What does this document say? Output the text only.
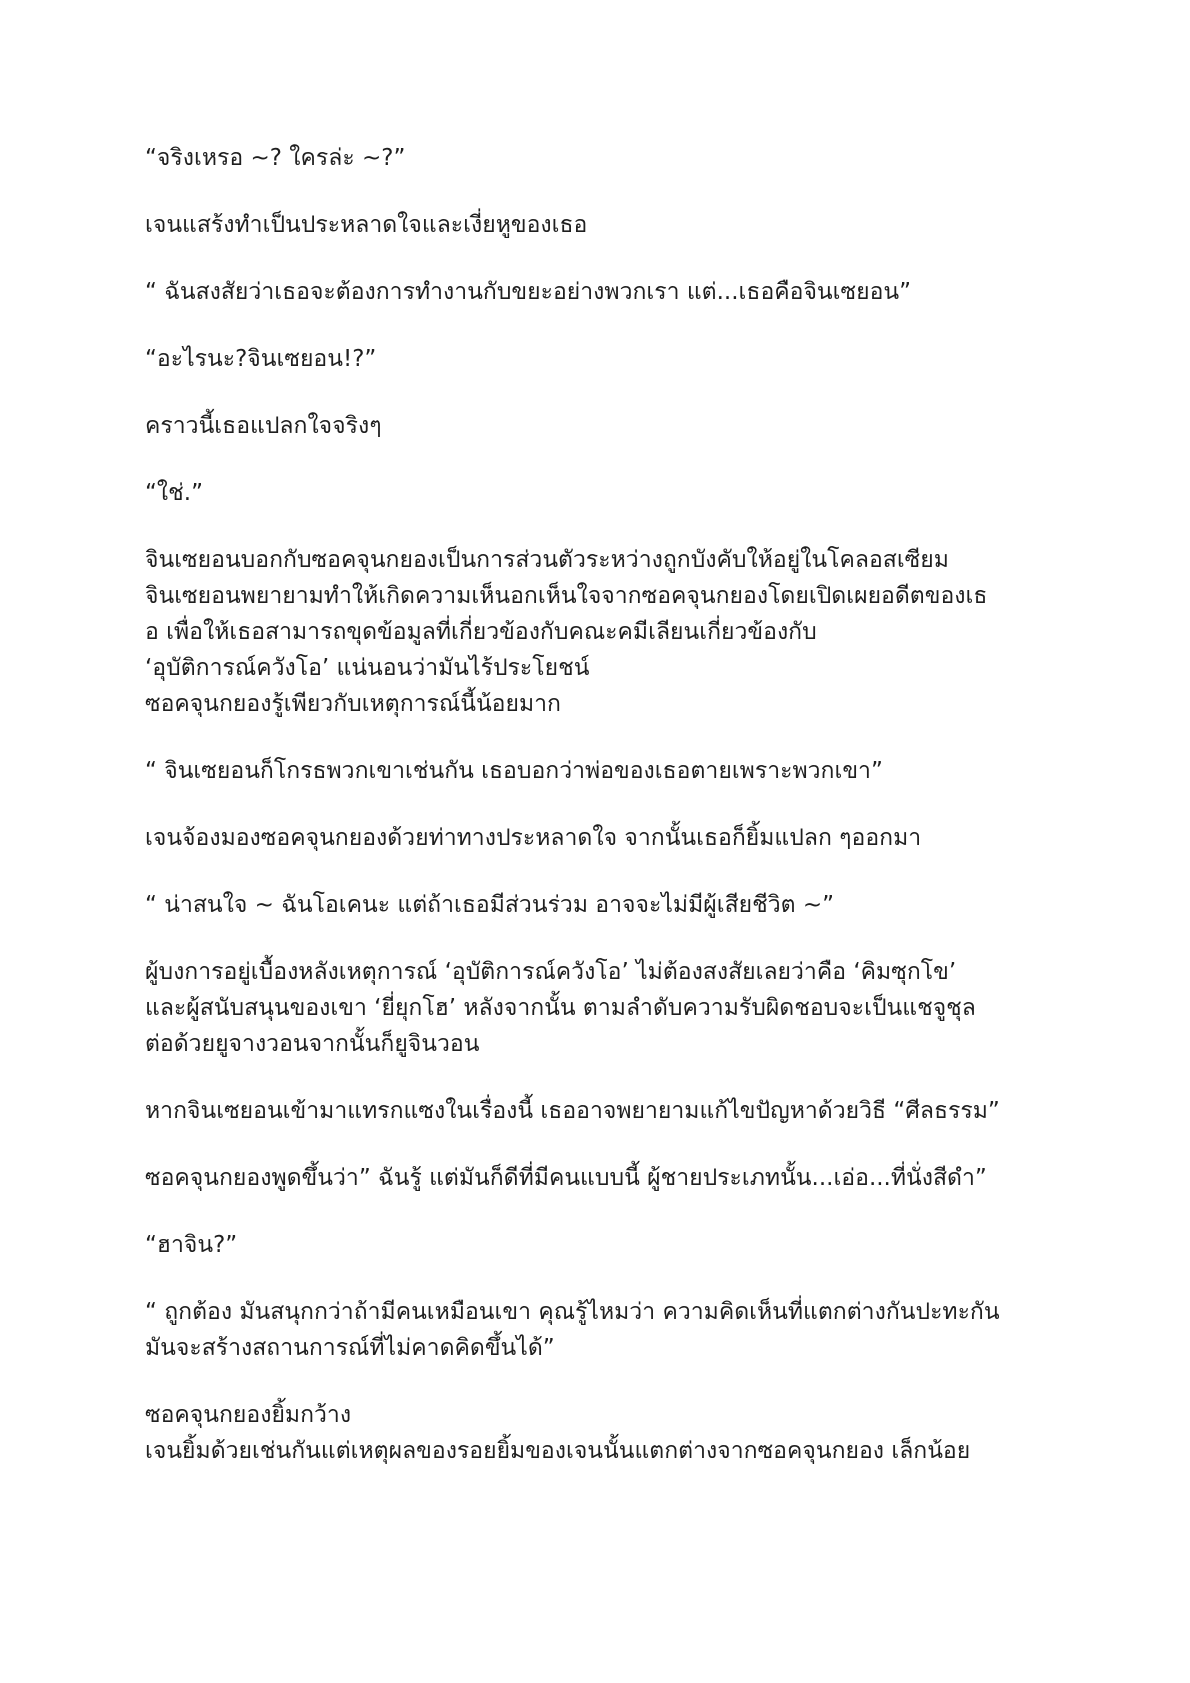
“จริงเหรอ ~? ใครล่ะ ~?”

เจนแสร้งทำเป็นประหลาดใจและเงี่ยหูของเธอ

“ ฉันสงสัยว่าเธอจะต้องการทำงานกับขยะอย่างพวกเรา แต่...เธอคือจินเซยอน”

“อะไรนะ?จินเซยอน!?”

คราวนี้เธอแปลกใจจริงๆ

“ใช่.”

จินเซยอนบอกกับซอคจุนกยองเป็นการส่วนตัวระหว่างถูกบังคับให้อยู่ในโคลอสเซียม
จินเซยอนพยายามทำให้เกิดความเห็นอกเห็นใจจากซอคจุนกยองโดยเปิดเผยอดีตของเธ
อ เพื่อให้เธอสามารถขุดข้อมูลที่เกี่ยวข้องกับคณะคมีเลียนเกี่ยวข้องกับ
‘อุบัติการณ์ควังโอ’ แน่นอนว่ามันไร้ประโยชน์
ซอคจุนกยองรู้เพียวกับเหตุการณ์นี้น้อยมาก

“ จินเซยอนก็โกรธพวกเขาเช่นกัน เธอบอกว่าพ่อของเธอตายเพราะพวกเขา”

เจนจ้องมองซอคจุนกยองด้วยท่าทางประหลาดใจ จากนั้นเธอก็ยิ้มแปลก ๆออกมา

“ น่าสนใจ ~ ฉันโอเคนะ แต่ถ้าเธอมีส่วนร่วม อาจจะไม่มีผู้เสียชีวิต ~”

ผู้บงการอยู่เบื้องหลังเหตุการณ์ ‘อุบัติการณ์ควังโอ’ ไม่ต้องสงสัยเลยว่าคือ ‘คิมซุกโข’
และผู้สนับสนุนของเขา ‘ยี่ยุกโฮ’ หลังจากนั้น ตามลำดับความรับผิดชอบจะเป็นแชจูชุล
ต่อด้วยยูจางวอนจากนั้นก็ยูจินวอน

หากจินเซยอนเข้ามาแทรกแซงในเรื่องนี้ เธออาจพยายามแก้ไขปัญหาด้วยวิธี “ศีลธรรม”

ซอคจุนกยองพูดขึ้นว่า” ฉันรู้ แต่มันก็ดีที่มีคนแบบนี้ ผู้ชายประเภทนั้น...เอ่อ...ที่นั่งสีดำ”

“ฮาจิน?”

“ ถูกต้อง มันสนุกกว่าถ้ามีคนเหมือนเขา คุณรู้ไหมว่า ความคิดเห็นที่แตกต่างกันปะทะกัน
มันจะสร้างสถานการณ์ที่ไม่คาดคิดขึ้นได้”

ซอคจุนกยองยิ้มกว้าง
เจนยิ้มด้วยเช่นกันแต่เหตุผลของรอยยิ้มของเจนนั้นแตกต่างจากซอคจุนกยอง เล็กน้อย
